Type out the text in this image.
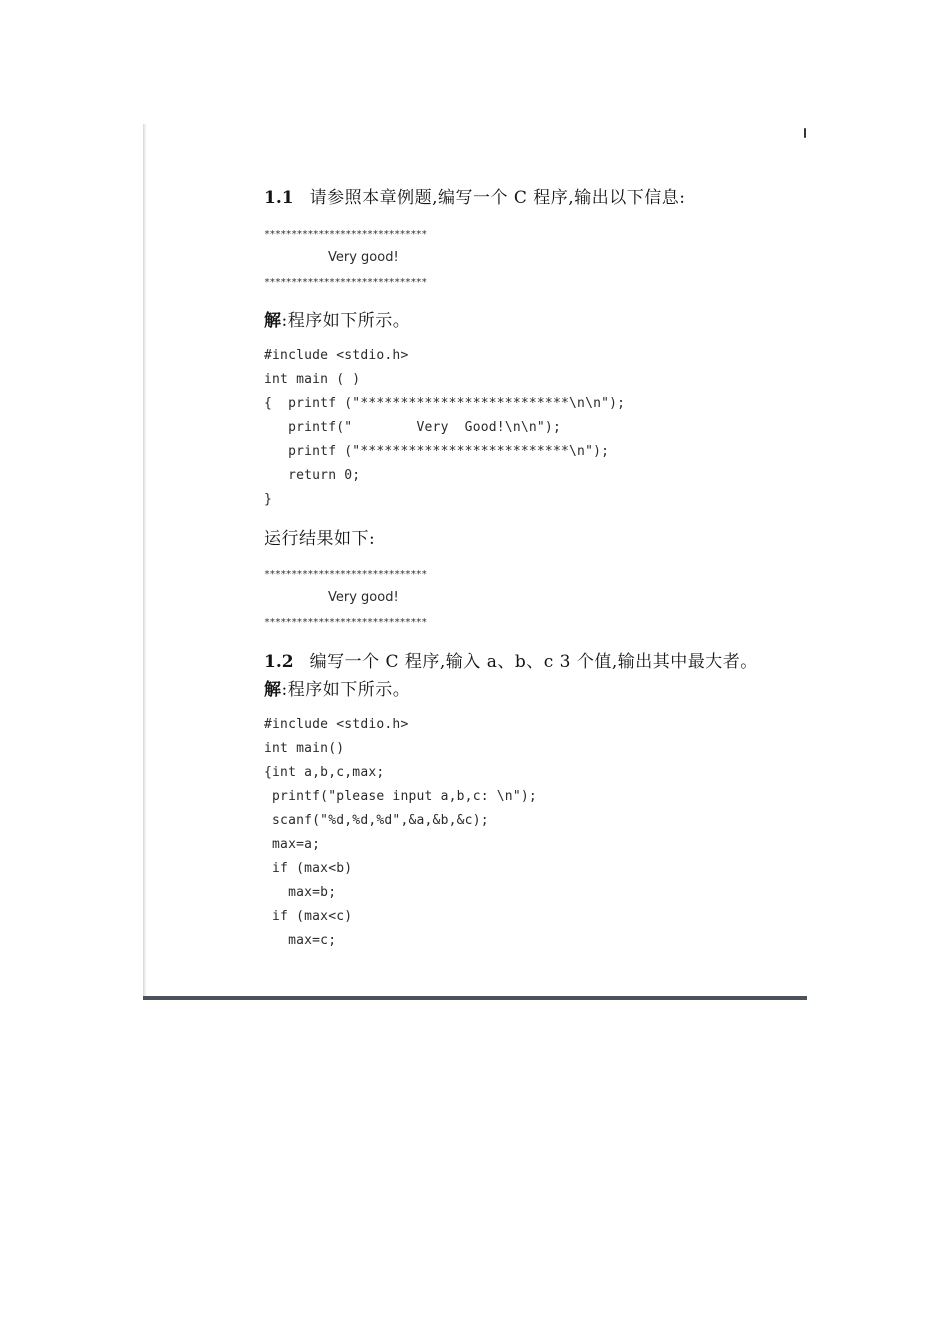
1.1 请参照本章例题,编写一个 C 程序,输出以下信息:
******************************
Very good!
******************************
解:程序如下所示。
#include <stdio.h>
int main ( )
{  printf ("**************************\n\n");
printf("        Very  Good!\n\n");
printf ("**************************\n");
return 0;
}
运行结果如下:
******************************
Very good!
******************************
1.2 编写一个 C 程序,输入 a、b、c 3 个值,输出其中最大者。
解:程序如下所示。
#include <stdio.h>
int main()
{int a,b,c,max;
printf("please input a,b,c: \n");
scanf("%d,%d,%d",&a,&b,&c);
max=a;
if (max<b)
max=b;
if (max<c)
max=c;
